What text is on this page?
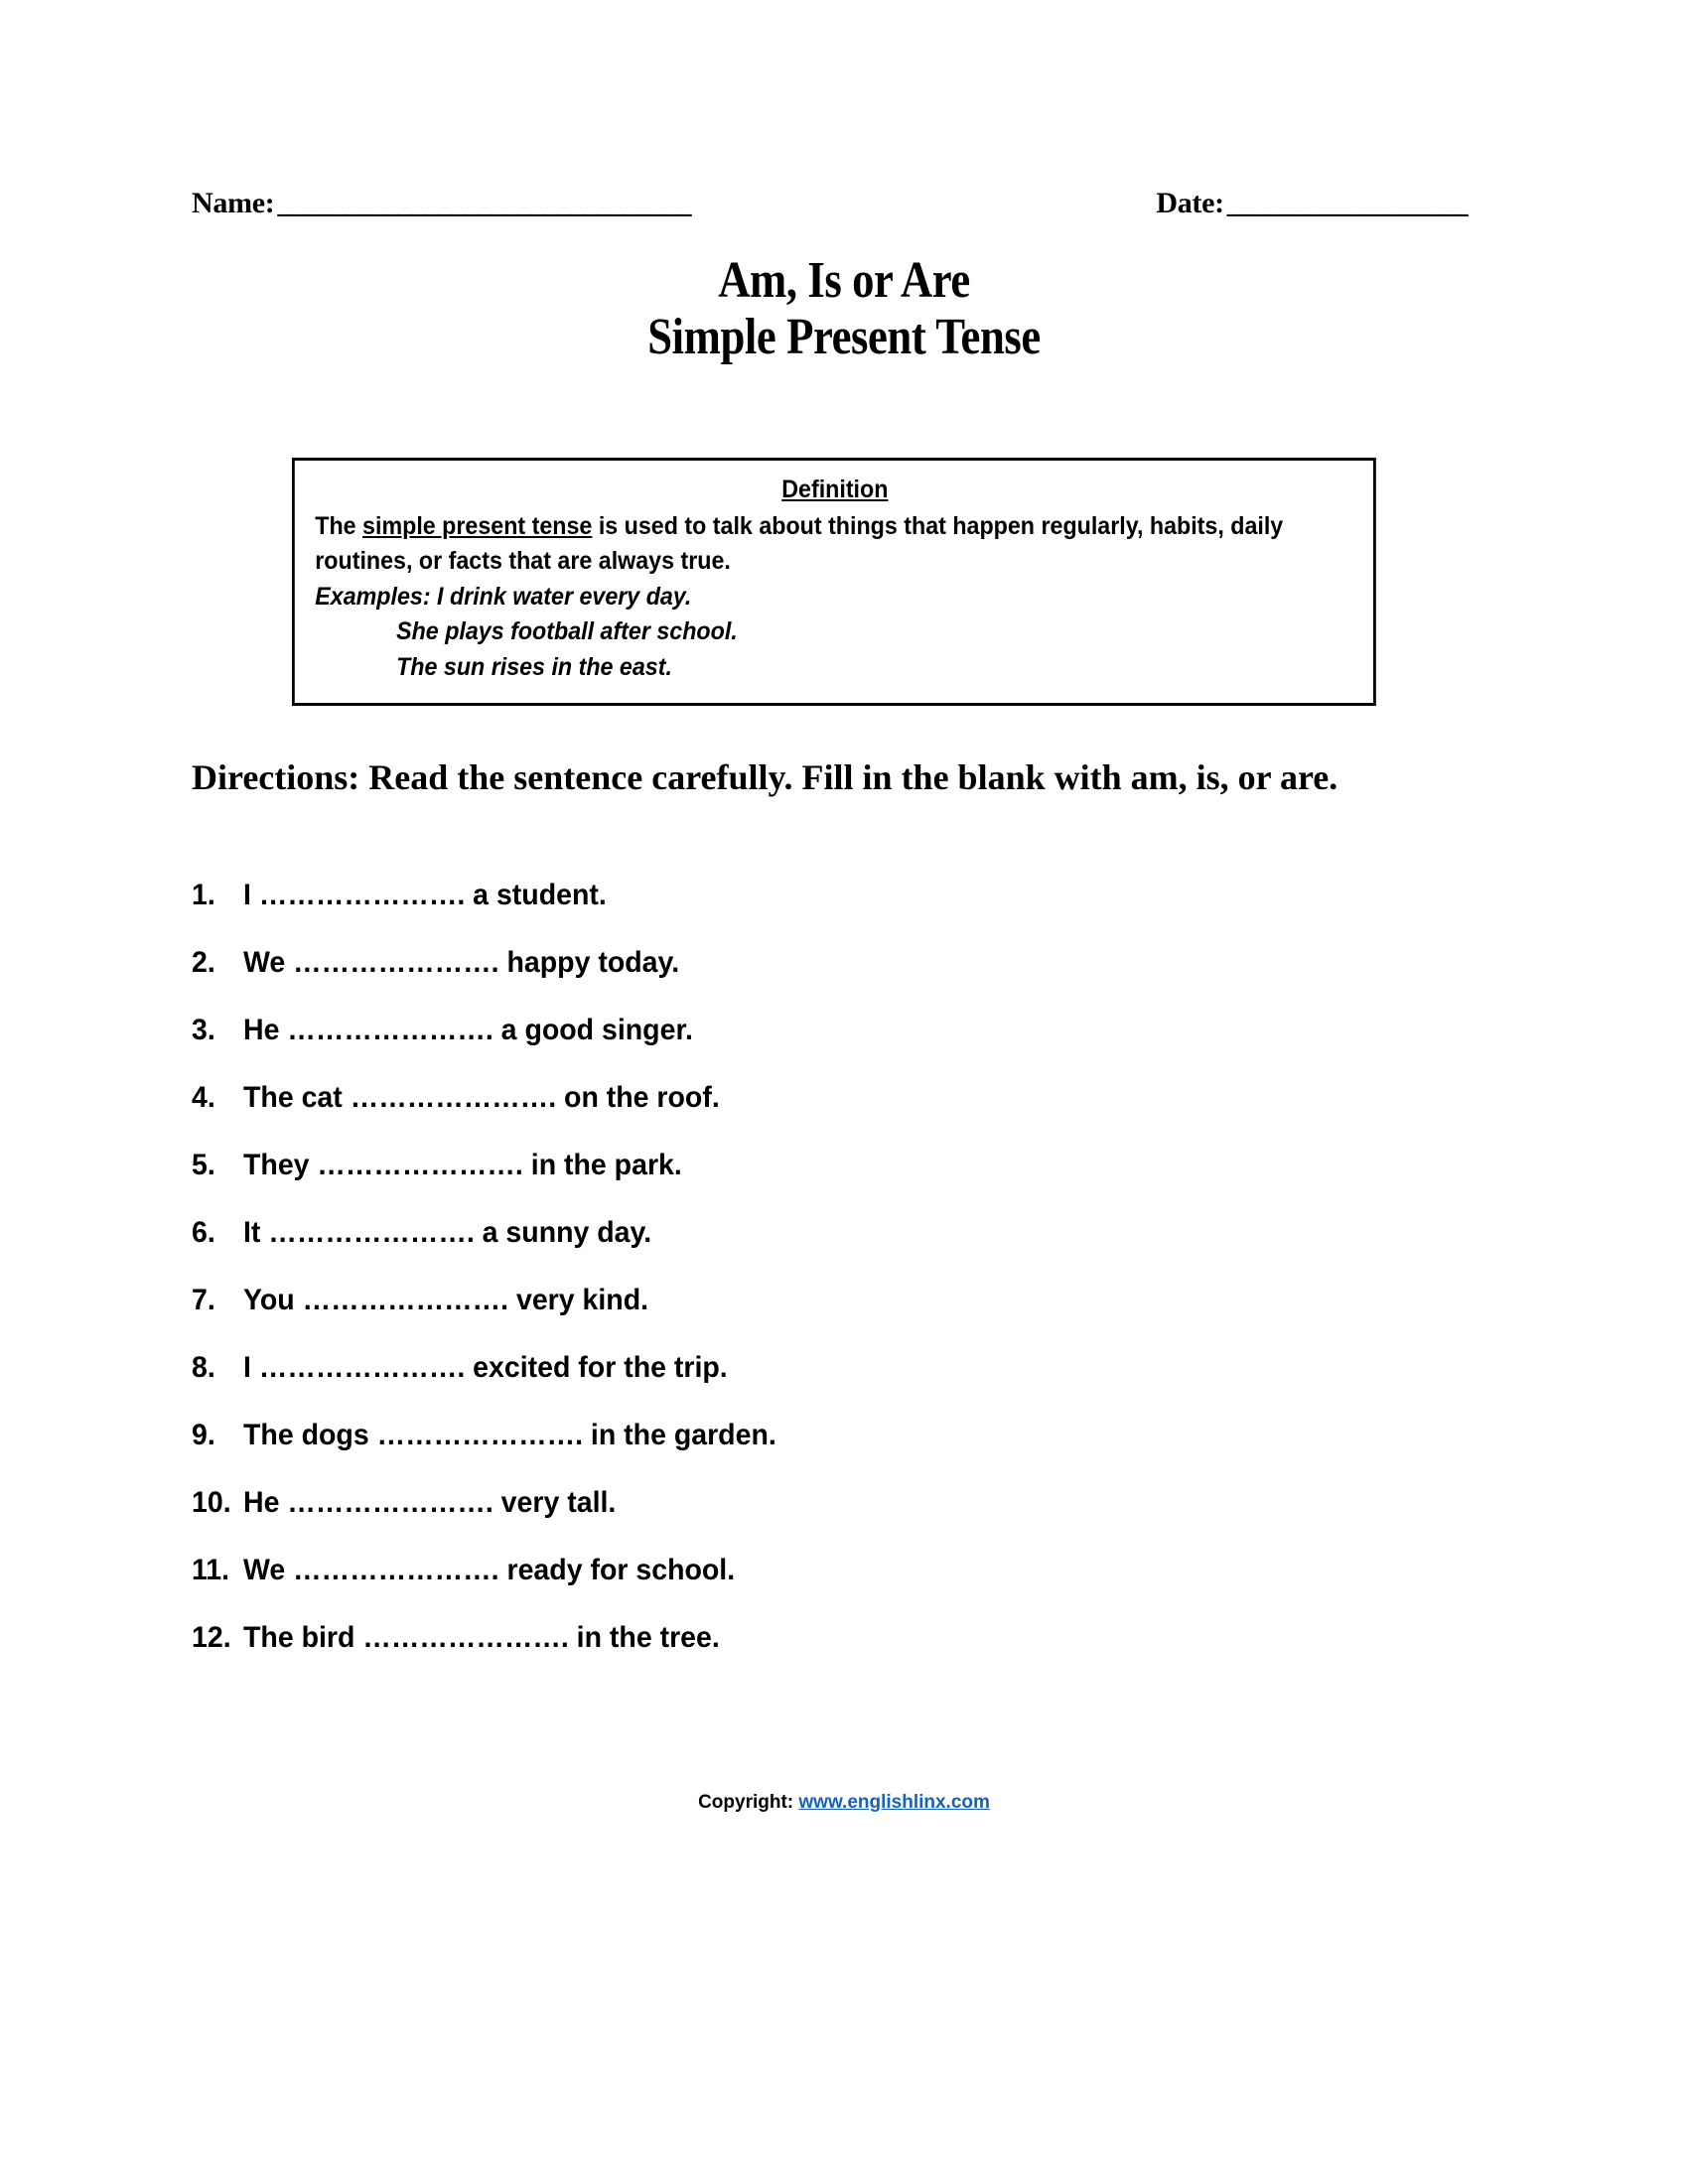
Name: _______________________________	Date: __________________
Am, Is or Are
Simple Present Tense
Definition
The simple present tense is used to talk about things that happen regularly, habits, daily routines, or facts that are always true.
Examples: I drink water every day.
She plays football after school.
The sun rises in the east.
Directions: Read the sentence carefully. Fill in the blank with am, is, or are.
1. I …………………. a student.
2. We …………………. happy today.
3. He …………………. a good singer.
4. The cat …………………. on the roof.
5. They …………………. in the park.
6. It …………………. a sunny day.
7. You …………………. very kind.
8. I …………………. excited for the trip.
9. The dogs …………………. in the garden.
10. He …………………. very tall.
11. We …………………. ready for school.
12. The bird …………………. in the tree.
Copyright: www.englishlinx.com
